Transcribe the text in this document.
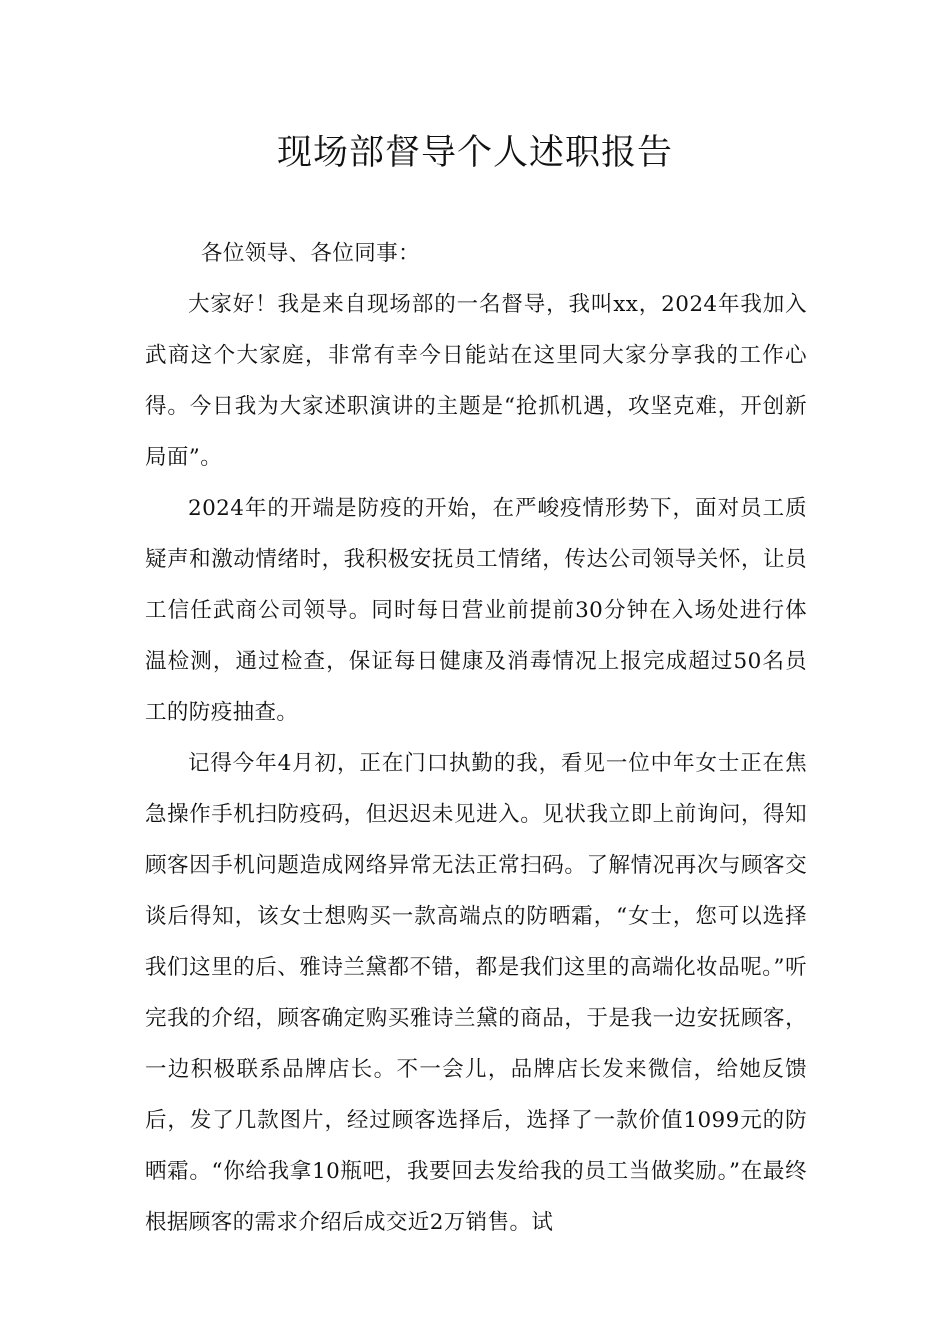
现场部督导个人述职报告

各位领导、各位同事：

大家好！我是来自现场部的一名督导，我叫xx，2024年我加入武商这个大家庭，非常有幸今日能站在这里同大家分享我的工作心得。今日我为大家述职演讲的主题是“抢抓机遇，攻坚克难，开创新局面”。

2024年的开端是防疫的开始，在严峻疫情形势下，面对员工质疑声和激动情绪时，我积极安抚员工情绪，传达公司领导关怀，让员工信任武商公司领导。同时每日营业前提前30分钟在入场处进行体温检测，通过检查，保证每日健康及消毒情况上报完成超过50名员工的防疫抽查。

记得今年4月初，正在门口执勤的我，看见一位中年女士正在焦急操作手机扫防疫码，但迟迟未见进入。见状我立即上前询问，得知顾客因手机问题造成网络异常无法正常扫码。了解情况再次与顾客交谈后得知，该女士想购买一款高端点的防晒霜，“女士，您可以选择我们这里的后、雅诗兰黛都不错，都是我们这里的高端化妆品呢。”听完我的介绍，顾客确定购买雅诗兰黛的商品，于是我一边安抚顾客，一边积极联系品牌店长。不一会儿，品牌店长发来微信，给她反馈后，发了几款图片，经过顾客选择后，选择了一款价值1099元的防晒霜。“你给我拿10瓶吧，我要回去发给我的员工当做奖励。”在最终根据顾客的需求介绍后成交近2万销售。试
